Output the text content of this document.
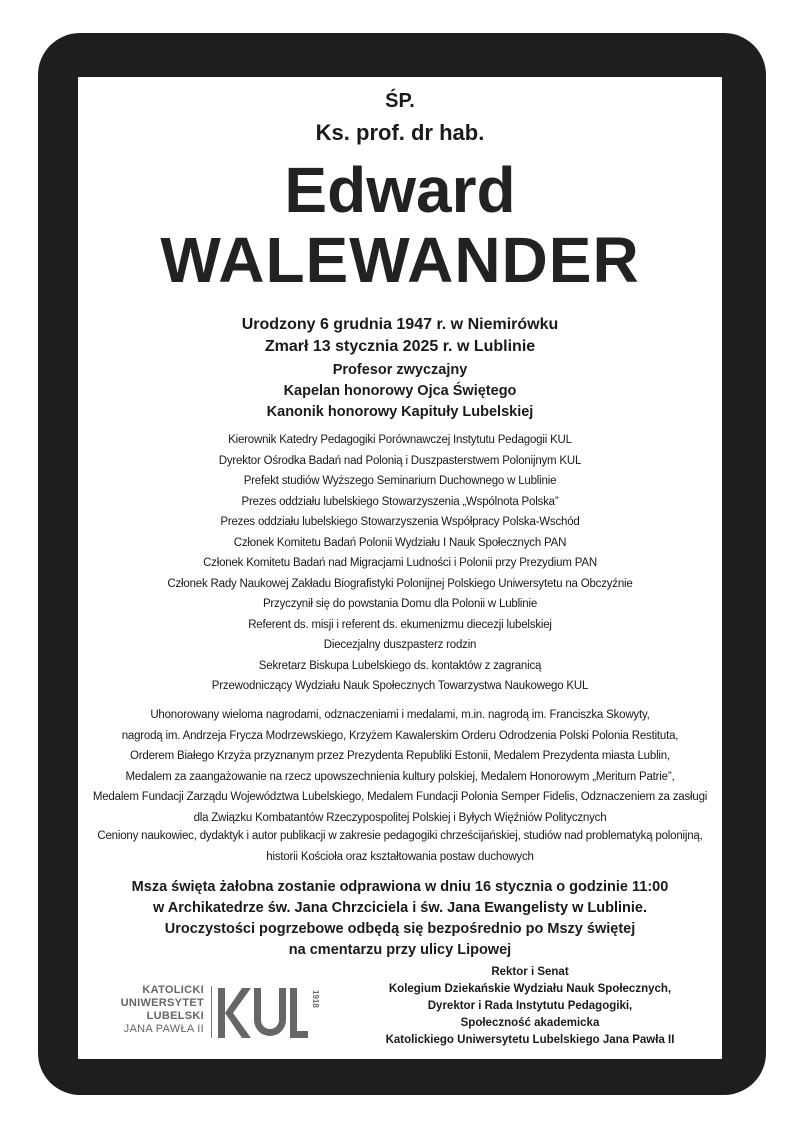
ŚP.
Ks. prof. dr hab.
Edward
WALEWANDER
Urodzony 6 grudnia 1947 r. w Niemirówku
Zmarł 13 stycznia 2025 r. w Lublinie
Profesor zwyczajny
Kapelan honorowy Ojca Świętego
Kanonik honorowy Kapituły Lubelskiej
Kierownik Katedry Pedagogiki Porównawczej Instytutu Pedagogii KUL
Dyrektor Ośrodka Badań nad Polonią i Duszpasterstwem Polonijnym KUL
Prefekt studiów Wyższego Seminarium Duchownego w Lublinie
Prezes oddziału lubelskiego Stowarzyszenia „Wspólnota Polska”
Prezes oddziału lubelskiego Stowarzyszenia Współpracy Polska-Wschód
Członek Komitetu Badań Polonii Wydziału I Nauk Społecznych PAN
Członek Komitetu Badań nad Migracjami Ludności i Polonii przy Prezydium PAN
Członek Rady Naukowej Zakładu Biografistyki Polonijnej Polskiego Uniwersytetu na Obczyźnie
Przyczynił się do powstania Domu dla Polonii w Lublinie
Referent ds. misji i referent ds. ekumenizmu diecezji lubelskiej
Diecezjalny duszpasterz rodzin
Sekretarz Biskupa Lubelskiego ds. kontaktów z zagranicą
Przewodniczący Wydziału Nauk Społecznych Towarzystwa Naukowego KUL
Uhonorowany wieloma nagrodami, odznaczeniami i medalami, m.in. nagrodą im. Franciszka Skowyty,
nagrodą im. Andrzeja Frycza Modrzewskiego, Krzyżem Kawalerskim Orderu Odrodzenia Polski Polonia Restituta,
Orderem Białego Krzyża przyznanym przez Prezydenta Republiki Estonii, Medalem Prezydenta miasta Lublin,
Medalem za zaangażowanie na rzecz upowszechnienia kultury polskiej, Medalem Honorowym „Meritum Patrie”,
Medalem Fundacji Zarządu Województwa Lubelskiego, Medalem Fundacji Polonia Semper Fidelis, Odznaczeniem za zasługi
dla Związku Kombatantów Rzeczypospolitej Polskiej i Byłych Więźniów Politycznych
Ceniony naukowiec, dydaktyk i autor publikacji w zakresie pedagogiki chrześcijańskiej, studiów nad problematyką polonijną,
historii Kościoła oraz kształtowania postaw duchowych
Msza święta żałobna zostanie odprawiona w dniu 16 stycznia o godzinie 11:00
w Archikatedrze św. Jana Chrzciciela i św. Jana Ewangelisty w Lublinie.
Uroczystości pogrzebowe odbędą się bezpośrednio po Mszy świętej
na cmentarzu przy ulicy Lipowej
KATOLICKI
UNIWERSYTET
LUBELSKI
JANA PAWŁA II
1918
Rektor i Senat
Kolegium Dziekańskie Wydziału Nauk Społecznych,
Dyrektor i Rada Instytutu Pedagogiki,
Społeczność akademicka
Katolickiego Uniwersytetu Lubelskiego Jana Pawła II
